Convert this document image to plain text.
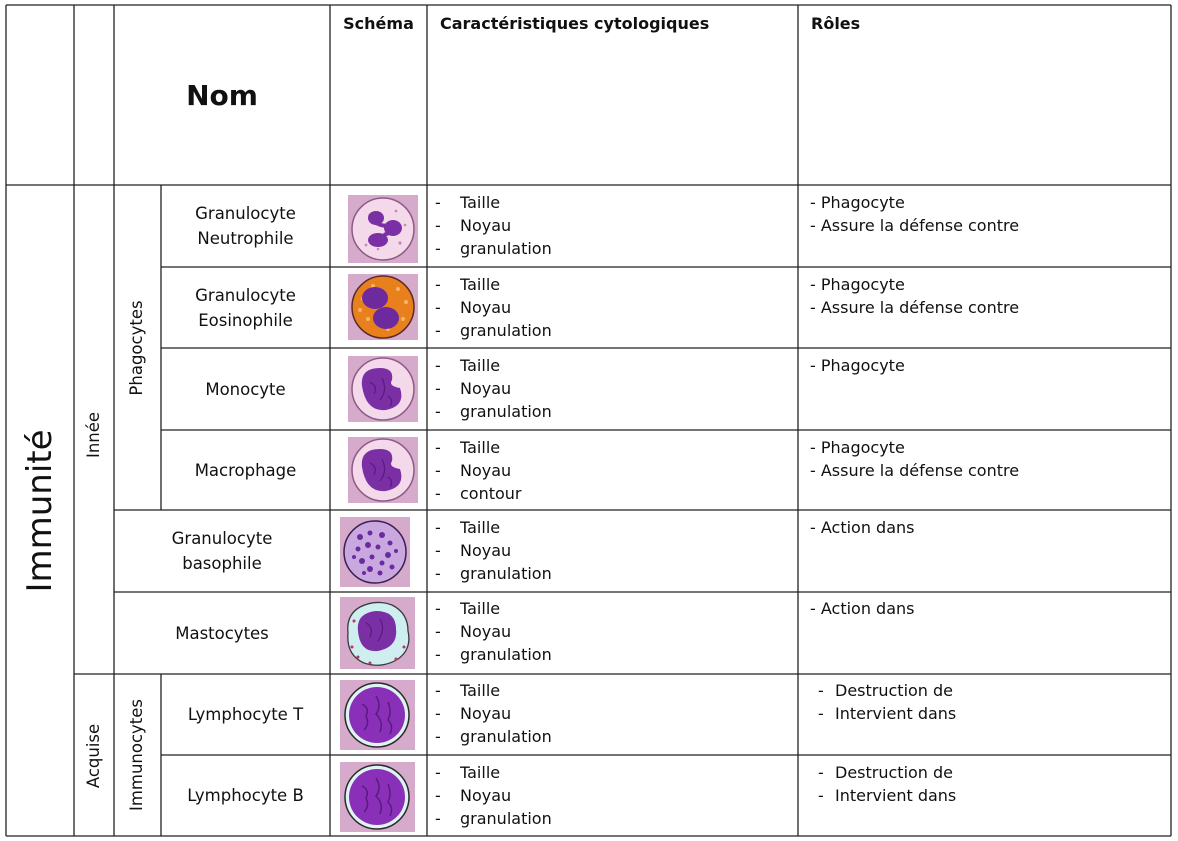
Nom
Schéma	Caractéristiques cytologiques	Rôles
Immunité Innée
Acquise
Phagocytes
Immunocytes
Granulocyte
Neutrophile
- Taille
- Noyau
- granulation
- Phagocyte
- Assure la défense contre
Granulocyte
Eosinophile
- Taille
- Noyau
- granulation
- Phagocyte
- Assure la défense contre
Monocyte
- Taille
- Noyau
- granulation
- Phagocyte
Macrophage
- Taille
- Noyau
- contour
- Phagocyte
- Assure la défense contre
Granulocyte
basophile
- Taille
- Noyau
- granulation
- Action dans
Mastocytes
- Taille
- Noyau
- granulation
- Action dans
Lymphocyte T
- Taille
- Noyau
- granulation
- Destruction de
- Intervient dans
Lymphocyte B
- Taille
- Noyau
- granulation
- Destruction de
- Intervient dans
